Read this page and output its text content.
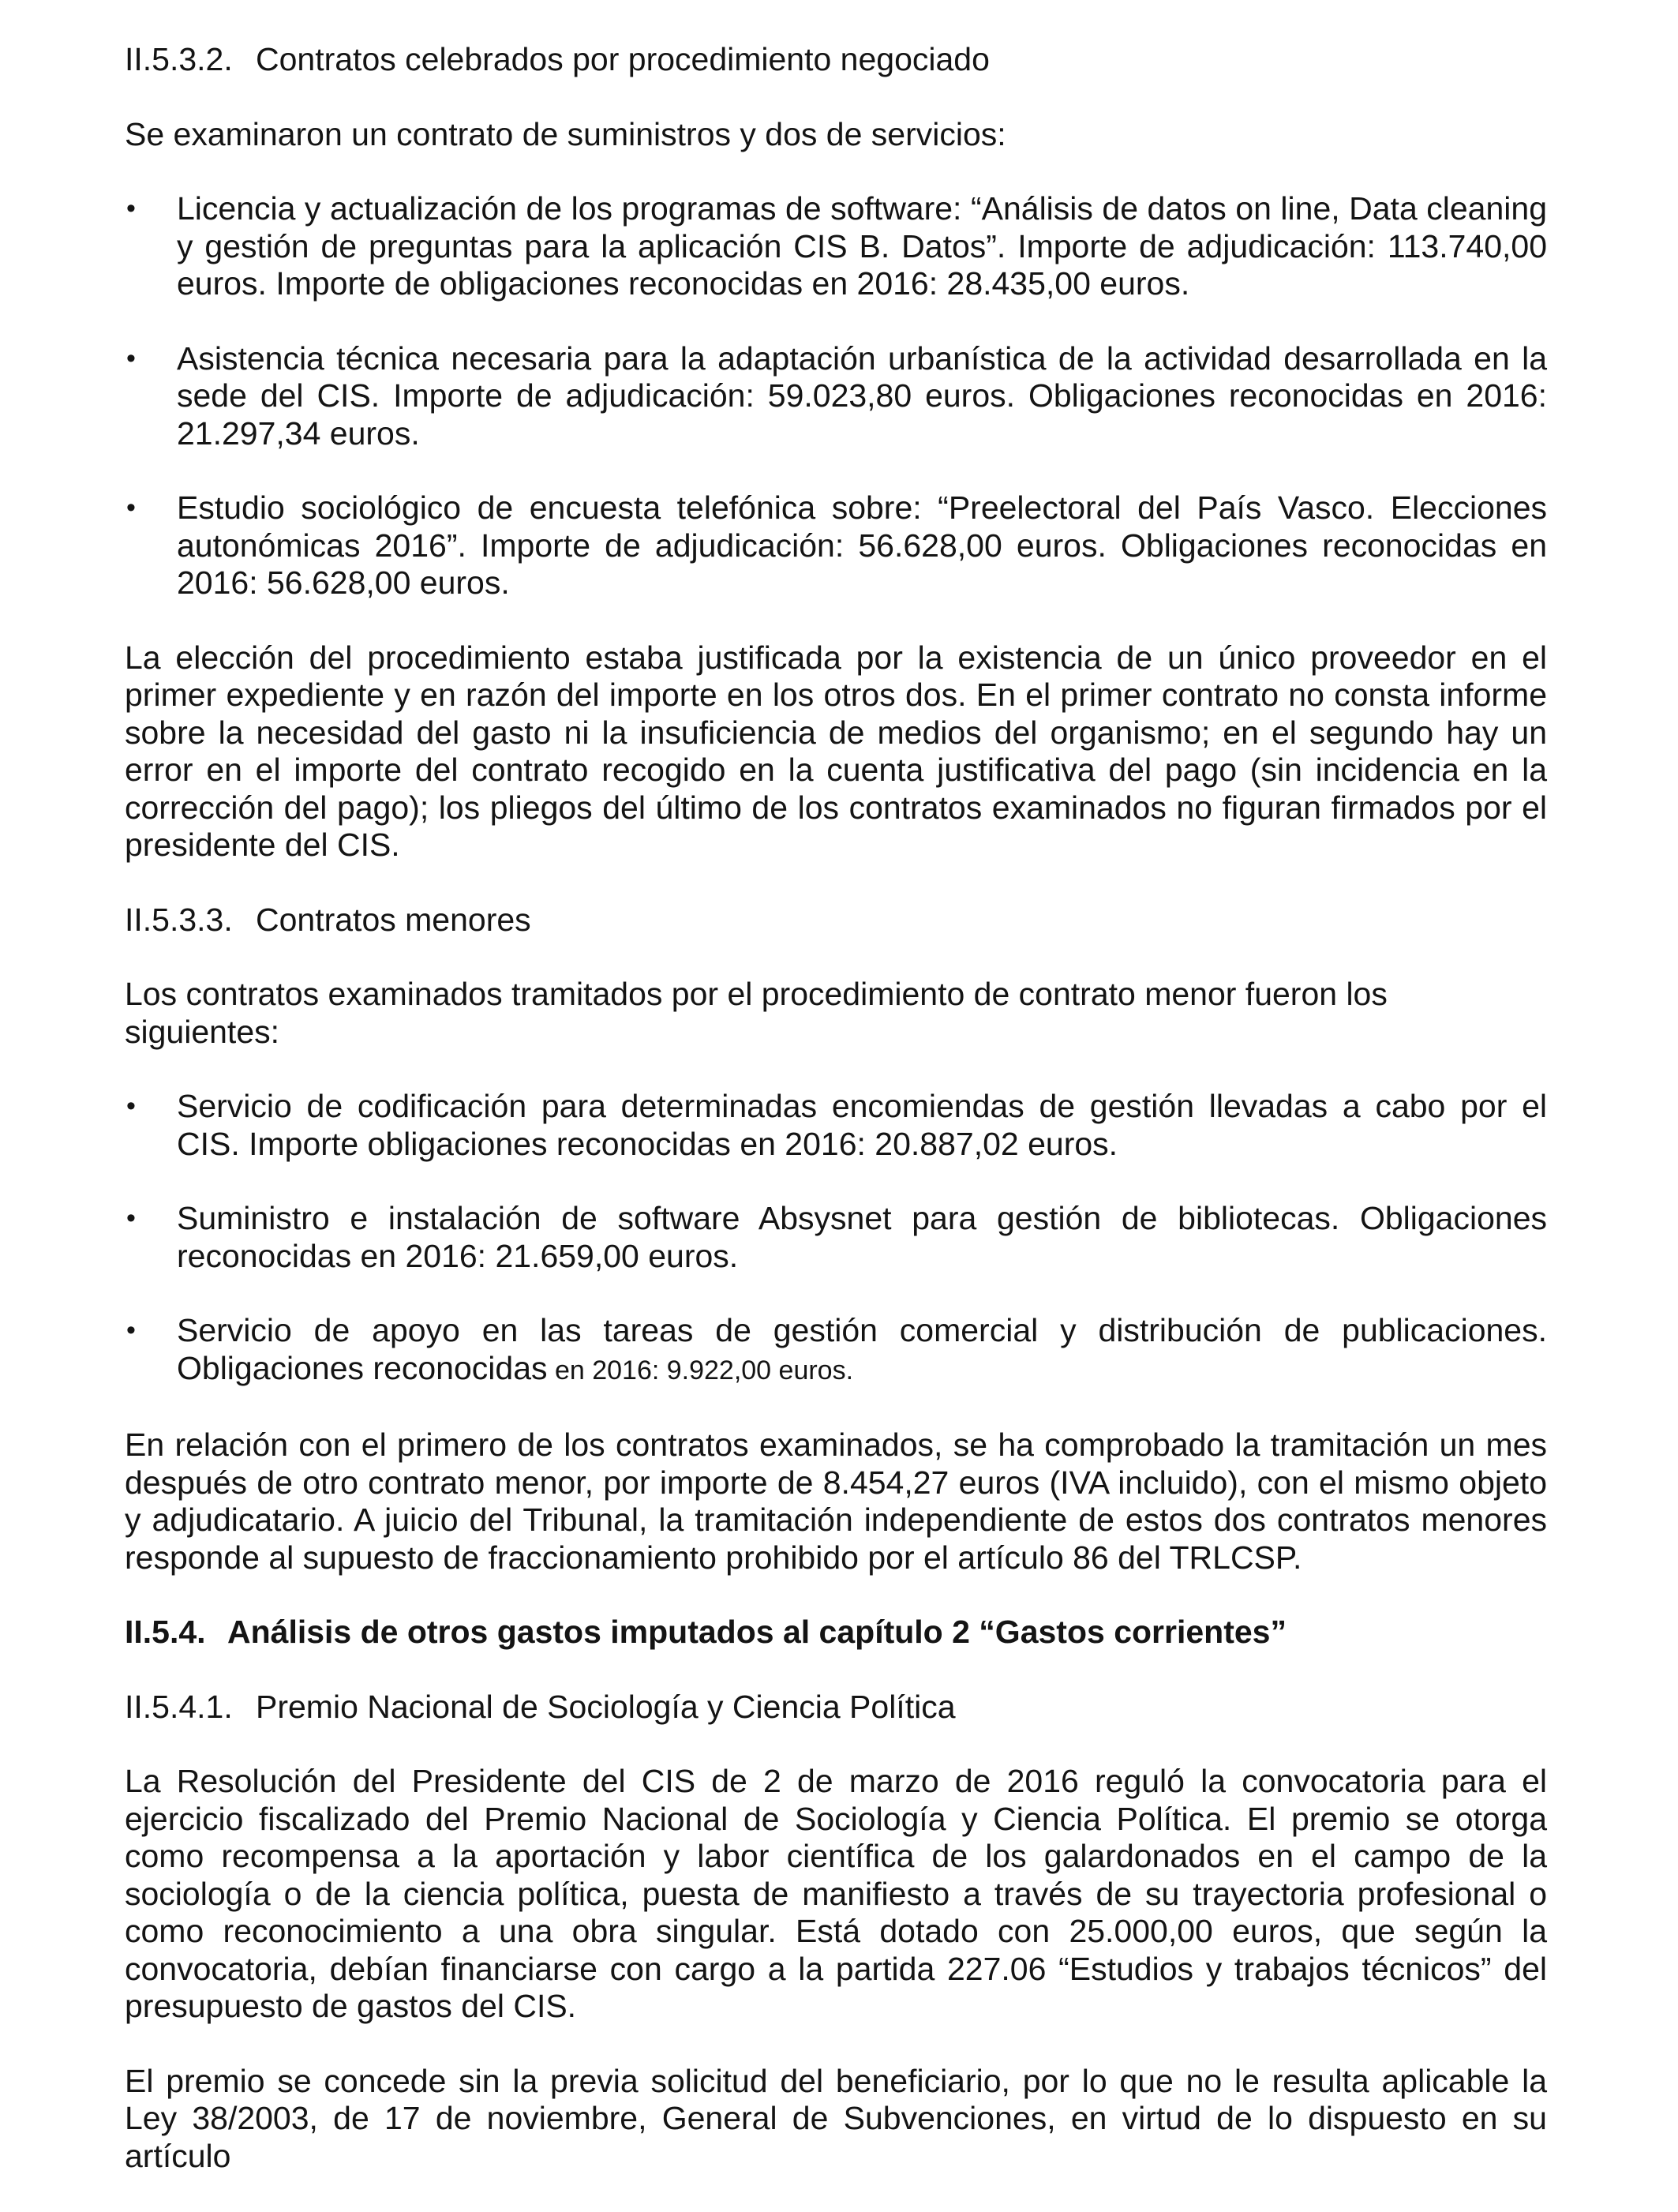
II.5.3.2. Contratos celebrados por procedimiento negociado

Se examinaron un contrato de suministros y dos de servicios:

• Licencia y actualización de los programas de software: “Análisis de datos on line, Data cleaning y gestión de preguntas para la aplicación CIS B. Datos”. Importe de adjudicación: 113.740,00 euros. Importe de obligaciones reconocidas en 2016: 28.435,00 euros.
• Asistencia técnica necesaria para la adaptación urbanística de la actividad desarrollada en la sede del CIS. Importe de adjudicación: 59.023,80 euros. Obligaciones reconocidas en 2016: 21.297,34 euros.
• Estudio sociológico de encuesta telefónica sobre: “Preelectoral del País Vasco. Elecciones autonómicas 2016”. Importe de adjudicación: 56.628,00 euros. Obligaciones reconocidas en 2016: 56.628,00 euros.

La elección del procedimiento estaba justificada por la existencia de un único proveedor en el primer expediente y en razón del importe en los otros dos. En el primer contrato no consta informe sobre la necesidad del gasto ni la insuficiencia de medios del organismo; en el segundo hay un error en el importe del contrato recogido en la cuenta justificativa del pago (sin incidencia en la corrección del pago); los pliegos del último de los contratos examinados no figuran firmados por el presidente del CIS.

II.5.3.3. Contratos menores

Los contratos examinados tramitados por el procedimiento de contrato menor fueron los siguientes:

• Servicio de codificación para determinadas encomiendas de gestión llevadas a cabo por el CIS. Importe obligaciones reconocidas en 2016: 20.887,02 euros.
• Suministro e instalación de software Absysnet para gestión de bibliotecas. Obligaciones reconocidas en 2016: 21.659,00 euros.
• Servicio de apoyo en las tareas de gestión comercial y distribución de publicaciones. Obligaciones reconocidas en 2016: 9.922,00 euros.

En relación con el primero de los contratos examinados, se ha comprobado la tramitación un mes después de otro contrato menor, por importe de 8.454,27 euros (IVA incluido), con el mismo objeto y adjudicatario. A juicio del Tribunal, la tramitación independiente de estos dos contratos menores responde al supuesto de fraccionamiento prohibido por el artículo 86 del TRLCSP.

II.5.4. Análisis de otros gastos imputados al capítulo 2 “Gastos corrientes”
II.5.4.1. Premio Nacional de Sociología y Ciencia Política

La Resolución del Presidente del CIS de 2 de marzo de 2016 reguló la convocatoria para el ejercicio fiscalizado del Premio Nacional de Sociología y Ciencia Política. El premio se otorga como recompensa a la aportación y labor científica de los galardonados en el campo de la sociología o de la ciencia política, puesta de manifiesto a través de su trayectoria profesional o como reconocimiento a una obra singular. Está dotado con 25.000,00 euros, que según la convocatoria, debían financiarse con cargo a la partida 227.06 “Estudios y trabajos técnicos” del presupuesto de gastos del CIS.

El premio se concede sin la previa solicitud del beneficiario, por lo que no le resulta aplicable la Ley 38/2003, de 17 de noviembre, General de Subvenciones, en virtud de lo dispuesto en su artículo
